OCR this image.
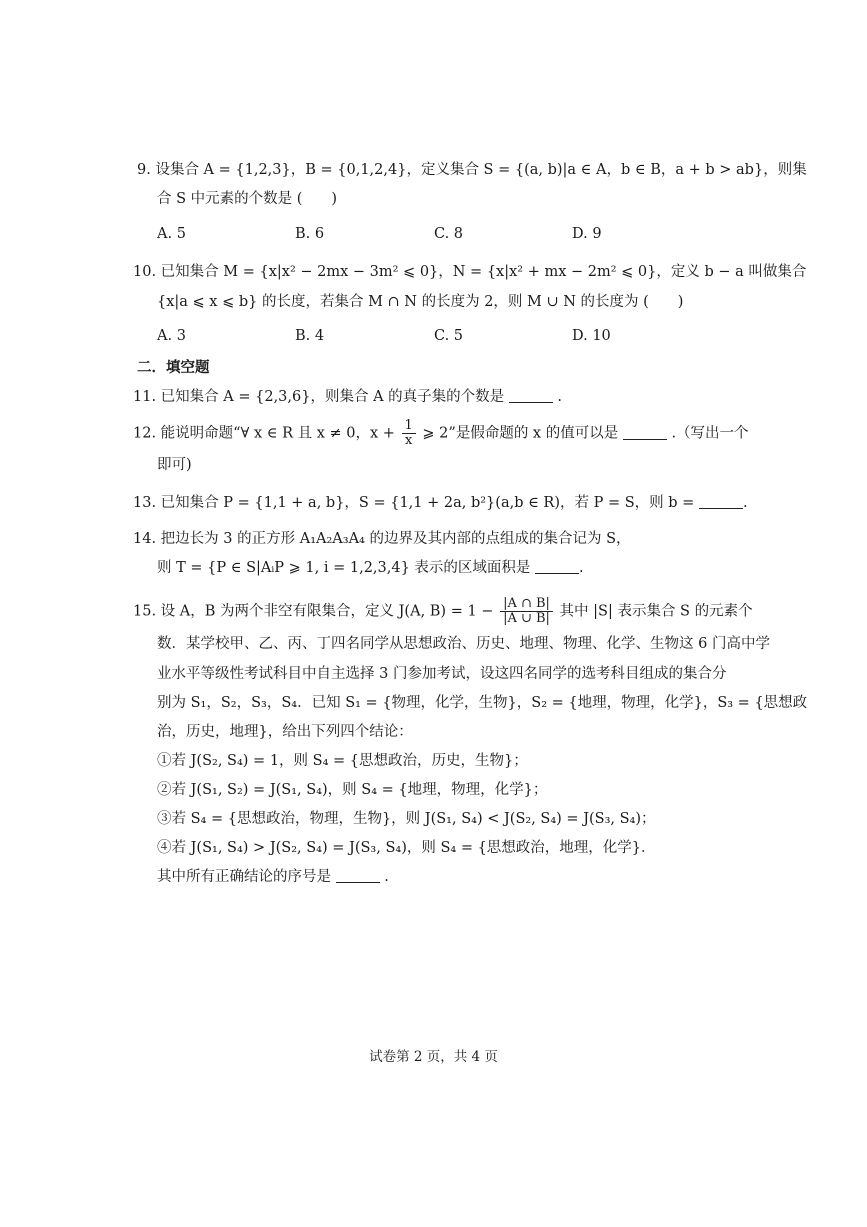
9. 设集合 A = {1,2,3}，B = {0,1,2,4}，定义集合 S = {(a, b)|a ∈ A，b ∈ B，a + b > ab}，则集
合 S 中元素的个数是 (　　)
A. 5	B. 6	C. 8	D. 9
10. 已知集合 M = {x|x² − 2mx − 3m² ⩽ 0}，N = {x|x² + mx − 2m² ⩽ 0}，定义 b − a 叫做集合
{x|a ⩽ x ⩽ b} 的长度，若集合 M ∩ N 的长度为 2，则 M ∪ N 的长度为 (　　)
A. 3	B. 4	C. 5	D. 10
二．填空题
11. 已知集合 A = {2,3,6}，则集合 A 的真子集的个数是	.
12. 能说明命题“∀ x ∈ R 且 x ≠ 0，$x + \frac{1}{x}$ ⩾ 2”是假命题的 x 的值可以是	.（写出一个
即可)
13. 已知集合 P = {1,1 + a, b}，S = {1,1 + 2a, b²}(a,b ∈ R)，若 P = S，则 b =	.
14. 把边长为 3 的正方形 A₁A₂A₃A₄ 的边界及其内部的点组成的集合记为 S，
则 T = {P ∈ S|AᵢP ⩾ 1, i = 1,2,3,4} 表示的区域面积是	.
15. 设 A，B 为两个非空有限集合，定义 J(A, $B) = 1 - \frac{|A \cap B|}{|A \cup B|}$ 其中 |S| 表示集合 S 的元素个
数．某学校甲、乙、丙、丁四名同学从思想政治、历史、地理、物理、化学、生物这 6 门高中学
业水平等级性考试科目中自主选择 3 门参加考试，设这四名同学的选考科目组成的集合分
别为 S₁，S₂，S₃，S₄．已知 S₁ = {物理，化学，生物}，S₂ = {地理，物理，化学}，S₃ = {思想政
治，历史，地理}，给出下列四个结论：
①若 J(S₂, S₄) = 1，则 S₄ = {思想政治，历史，生物}；
②若 J(S₁, S₂) = J(S₁, S₄)，则 S₄ = {地理，物理，化学}；
③若 S₄ = {思想政治，物理，生物}，则 J(S₁, S₄) < J(S₂, S₄) = J(S₃, S₄)；
④若 J(S₁, S₄) > J(S₂, S₄) = J(S₃, S₄)，则 S₄ = {思想政治，地理，化学}．
其中所有正确结论的序号是	.
试卷第 2 页，共 4 页
